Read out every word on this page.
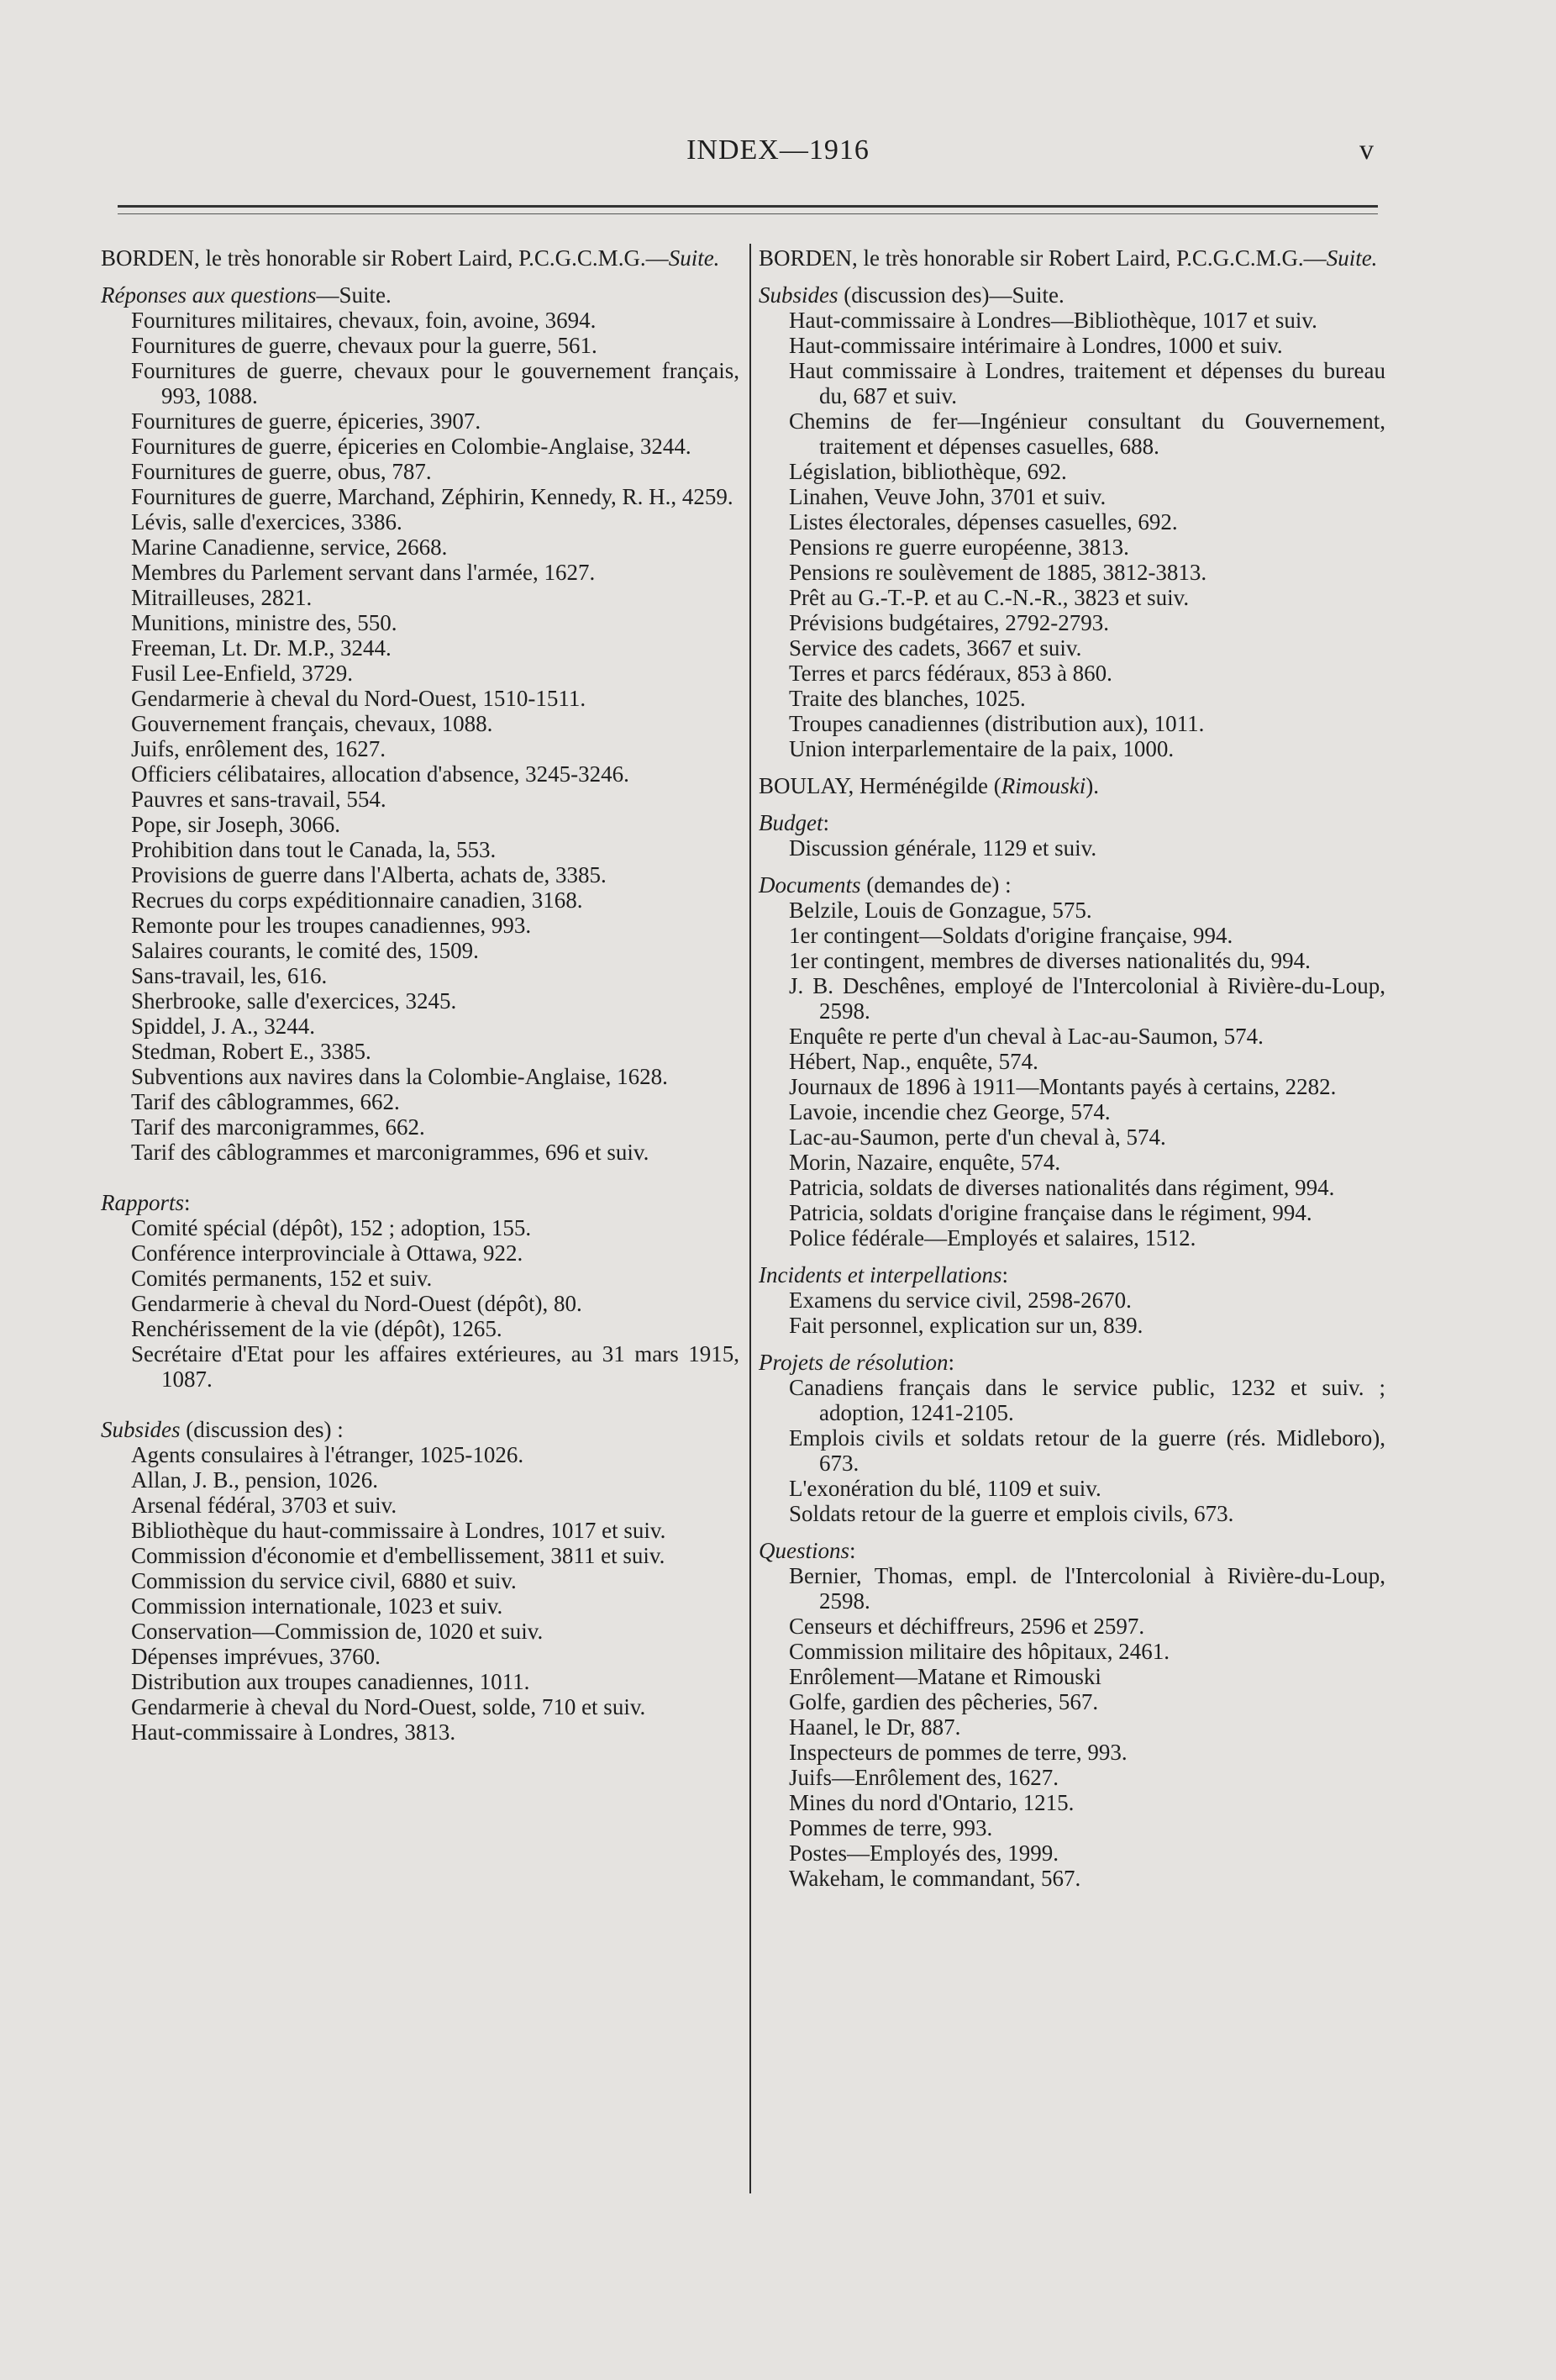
INDEX—1916	v
BORDEN, le très honorable sir Robert Laird, P.C.G.C.M.G.—Suite.
Réponses aux questions—Suite.
Fournitures militaires, chevaux, foin, avoine, 3694.
Fournitures de guerre, chevaux pour la guerre, 561.
Fournitures de guerre, chevaux pour le gouvernement français, 993, 1088.
Fournitures de guerre, épiceries, 3907.
Fournitures de guerre, épiceries en Colombie-Anglaise, 3244.
Fournitures de guerre, obus, 787.
Fournitures de guerre, Marchand, Zéphirin, Kennedy, R. H., 4259.
Lévis, salle d'exercices, 3386.
Marine Canadienne, service, 2668.
Membres du Parlement servant dans l'armée, 1627.
Mitrailleuses, 2821.
Munitions, ministre des, 550.
Freeman, Lt. Dr. M.P., 3244.
Fusil Lee-Enfield, 3729.
Gendarmerie à cheval du Nord-Ouest, 1510-1511.
Gouvernement français, chevaux, 1088.
Juifs, enrôlement des, 1627.
Officiers célibataires, allocation d'absence, 3245-3246.
Pauvres et sans-travail, 554.
Pope, sir Joseph, 3066.
Prohibition dans tout le Canada, la, 553.
Provisions de guerre dans l'Alberta, achats de, 3385.
Recrues du corps expéditionnaire canadien, 3168.
Remonte pour les troupes canadiennes, 993.
Salaires courants, le comité des, 1509.
Sans-travail, les, 616.
Sherbrooke, salle d'exercices, 3245.
Spiddel, J. A., 3244.
Stedman, Robert E., 3385.
Subventions aux navires dans la Colombie-Anglaise, 1628.
Tarif des câblogrammes, 662.
Tarif des marconigrammes, 662.
Tarif des câblogrammes et marconigrammes, 696 et suiv.
Rapports:
Comité spécial (dépôt), 152 ; adoption, 155.
Conférence interprovinciale à Ottawa, 922.
Comités permanents, 152 et suiv.
Gendarmerie à cheval du Nord-Ouest (dépôt), 80.
Renchérissement de la vie (dépôt), 1265.
Secrétaire d'Etat pour les affaires extérieures, au 31 mars 1915, 1087.
Subsides (discussion des) :
Agents consulaires à l'étranger, 1025-1026.
Allan, J. B., pension, 1026.
Arsenal fédéral, 3703 et suiv.
Bibliothèque du haut-commissaire à Londres, 1017 et suiv.
Commission d'économie et d'embellissement, 3811 et suiv.
Commission du service civil, 6880 et suiv.
Commission internationale, 1023 et suiv.
Conservation—Commission de, 1020 et suiv.
Dépenses imprévues, 3760.
Distribution aux troupes canadiennes, 1011.
Gendarmerie à cheval du Nord-Ouest, solde, 710 et suiv.
Haut-commissaire à Londres, 3813.
BORDEN, le très honorable sir Robert Laird, P.C.G.C.M.G.—Suite.
Subsides (discussion des)—Suite.
Haut-commissaire à Londres—Bibliothèque, 1017 et suiv.
Haut-commissaire intérimaire à Londres, 1000 et suiv.
Haut commissaire à Londres, traitement et dépenses du bureau du, 687 et suiv.
Chemins de fer—Ingénieur consultant du Gouvernement, traitement et dépenses casuelles, 688.
Législation, bibliothèque, 692.
Linahen, Veuve John, 3701 et suiv.
Listes électorales, dépenses casuelles, 692.
Pensions re guerre européenne, 3813.
Pensions re soulèvement de 1885, 3812-3813.
Prêt au G.-T.-P. et au C.-N.-R., 3823 et suiv.
Prévisions budgétaires, 2792-2793.
Service des cadets, 3667 et suiv.
Terres et parcs fédéraux, 853 à 860.
Traite des blanches, 1025.
Troupes canadiennes (distribution aux), 1011.
Union interparlementaire de la paix, 1000.
BOULAY, Herménégilde (Rimouski).
Budget:
Discussion générale, 1129 et suiv.
Documents (demandes de) :
Belzile, Louis de Gonzague, 575.
1er contingent—Soldats d'origine française, 994.
1er contingent, membres de diverses nationalités du, 994.
J. B. Deschênes, employé de l'Intercolonial à Rivière-du-Loup, 2598.
Enquête re perte d'un cheval à Lac-au-Saumon, 574.
Hébert, Nap., enquête, 574.
Journaux de 1896 à 1911—Montants payés à certains, 2282.
Lavoie, incendie chez George, 574.
Lac-au-Saumon, perte d'un cheval à, 574.
Morin, Nazaire, enquête, 574.
Patricia, soldats de diverses nationalités dans régiment, 994.
Patricia, soldats d'origine française dans le régiment, 994.
Police fédérale—Employés et salaires, 1512.
Incidents et interpellations:
Examens du service civil, 2598-2670.
Fait personnel, explication sur un, 839.
Projets de résolution:
Canadiens français dans le service public, 1232 et suiv. ; adoption, 1241-2105.
Emplois civils et soldats retour de la guerre (rés. Midleboro), 673.
L'exonération du blé, 1109 et suiv.
Soldats retour de la guerre et emplois civils, 673.
Questions:
Bernier, Thomas, empl. de l'Intercolonial à Rivière-du-Loup, 2598.
Censeurs et déchiffreurs, 2596 et 2597.
Commission militaire des hôpitaux, 2461.
Enrôlement—Matane et Rimouski
Golfe, gardien des pêcheries, 567.
Haanel, le Dr, 887.
Inspecteurs de pommes de terre, 993.
Juifs—Enrôlement des, 1627.
Mines du nord d'Ontario, 1215.
Pommes de terre, 993.
Postes—Employés des, 1999.
Wakeham, le commandant, 567.
